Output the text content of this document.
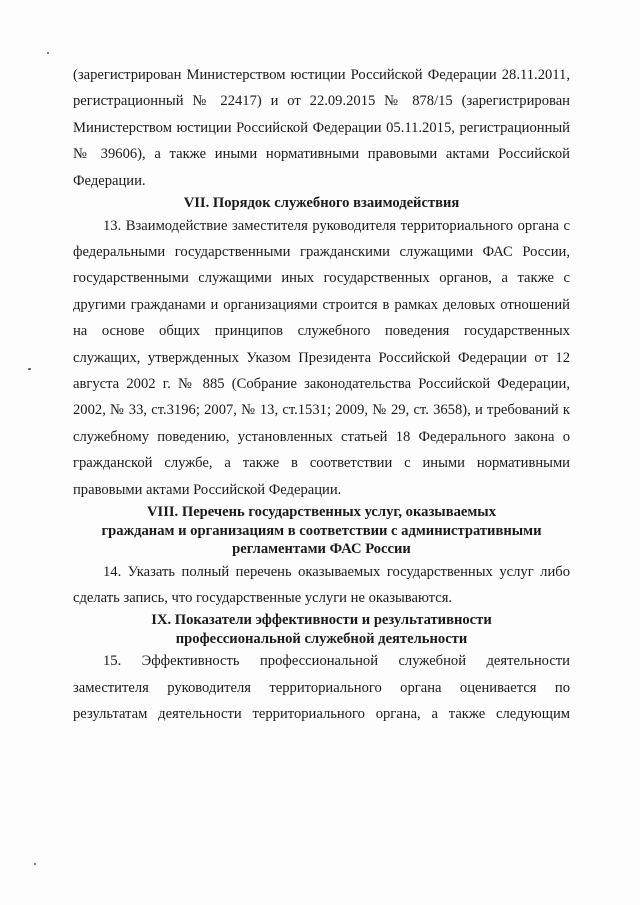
(зарегистрирован Министерством юстиции Российской Федерации 28.11.2011, регистрационный № 22417) и от 22.09.2015 № 878/15 (зарегистрирован Министерством юстиции Российской Федерации 05.11.2015, регистрационный № 39606), а также иными нормативными правовыми актами Российской Федерации.

VII. Порядок служебного взаимодействия

13. Взаимодействие заместителя руководителя территориального органа с федеральными государственными гражданскими служащими ФАС России, государственными служащими иных государственных органов, а также с другими гражданами и организациями строится в рамках деловых отношений на основе общих принципов служебного поведения государственных служащих, утвержденных Указом Президента Российской Федерации от 12 августа 2002 г. № 885 (Собрание законодательства Российской Федерации, 2002, № 33, ст.3196; 2007, № 13, ст.1531; 2009, № 29, ст. 3658), и требований к служебному поведению, установленных статьей 18 Федерального закона о гражданской службе, а также в соответствии с иными нормативными правовыми актами Российской Федерации.

VIII. Перечень государственных услуг, оказываемых
гражданам и организациям в соответствии с административными
регламентами ФАС России

14. Указать полный перечень оказываемых государственных услуг либо сделать запись, что государственные услуги не оказываются.

IX. Показатели эффективности и результативности
профессиональной служебной деятельности

15. Эффективность профессиональной служебной деятельности заместителя руководителя территориального органа оценивается по результатам деятельности территориального органа, а также следующим
